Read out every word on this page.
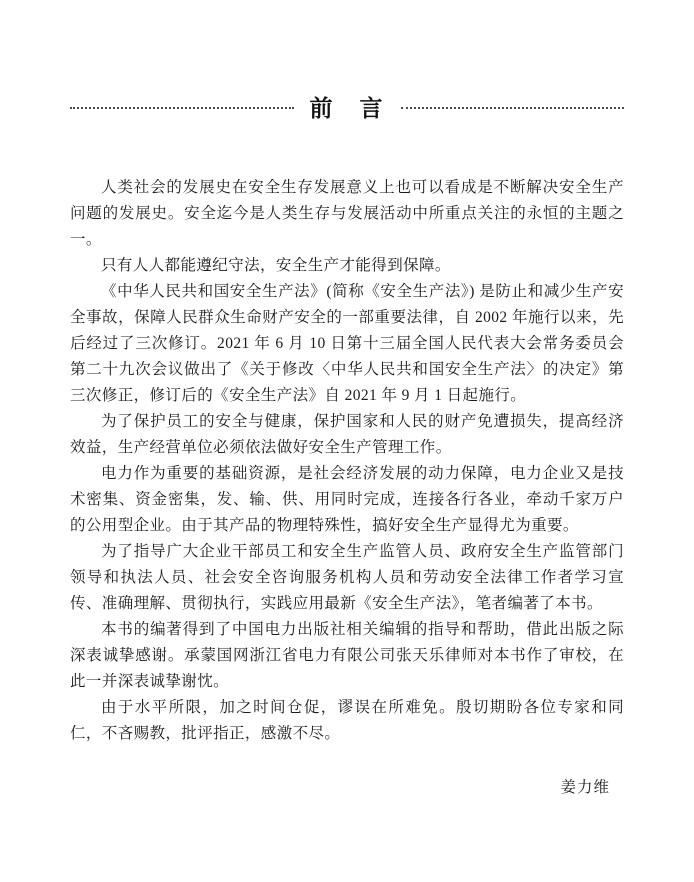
前　言

人类社会的发展史在安全生存发展意义上也可以看成是不断解决安全生产问题的发展史。安全迄今是人类生存与发展活动中所重点关注的永恒的主题之一。

只有人人都能遵纪守法，安全生产才能得到保障。

《中华人民共和国安全生产法》(简称《安全生产法》) 是防止和减少生产安全事故，保障人民群众生命财产安全的一部重要法律，自 2002 年施行以来，先后经过了三次修订。2021 年 6 月 10 日第十三届全国人民代表大会常务委员会第二十九次会议做出了《关于修改〈中华人民共和国安全生产法〉的决定》第三次修正，修订后的《安全生产法》自 2021 年 9 月 1 日起施行。

为了保护员工的安全与健康，保护国家和人民的财产免遭损失，提高经济效益，生产经营单位必须依法做好安全生产管理工作。

电力作为重要的基础资源，是社会经济发展的动力保障，电力企业又是技术密集、资金密集，发、输、供、用同时完成，连接各行各业，牵动千家万户的公用型企业。由于其产品的物理特殊性，搞好安全生产显得尤为重要。

为了指导广大企业干部员工和安全生产监管人员、政府安全生产监管部门领导和执法人员、社会安全咨询服务机构人员和劳动安全法律工作者学习宣传、准确理解、贯彻执行，实践应用最新《安全生产法》，笔者编著了本书。

本书的编著得到了中国电力出版社相关编辑的指导和帮助，借此出版之际深表诚挚感谢。承蒙国网浙江省电力有限公司张天乐律师对本书作了审校，在此一并深表诚挚谢忱。

由于水平所限，加之时间仓促，谬误在所难免。殷切期盼各位专家和同仁，不吝赐教，批评指正，感激不尽。

姜力维
